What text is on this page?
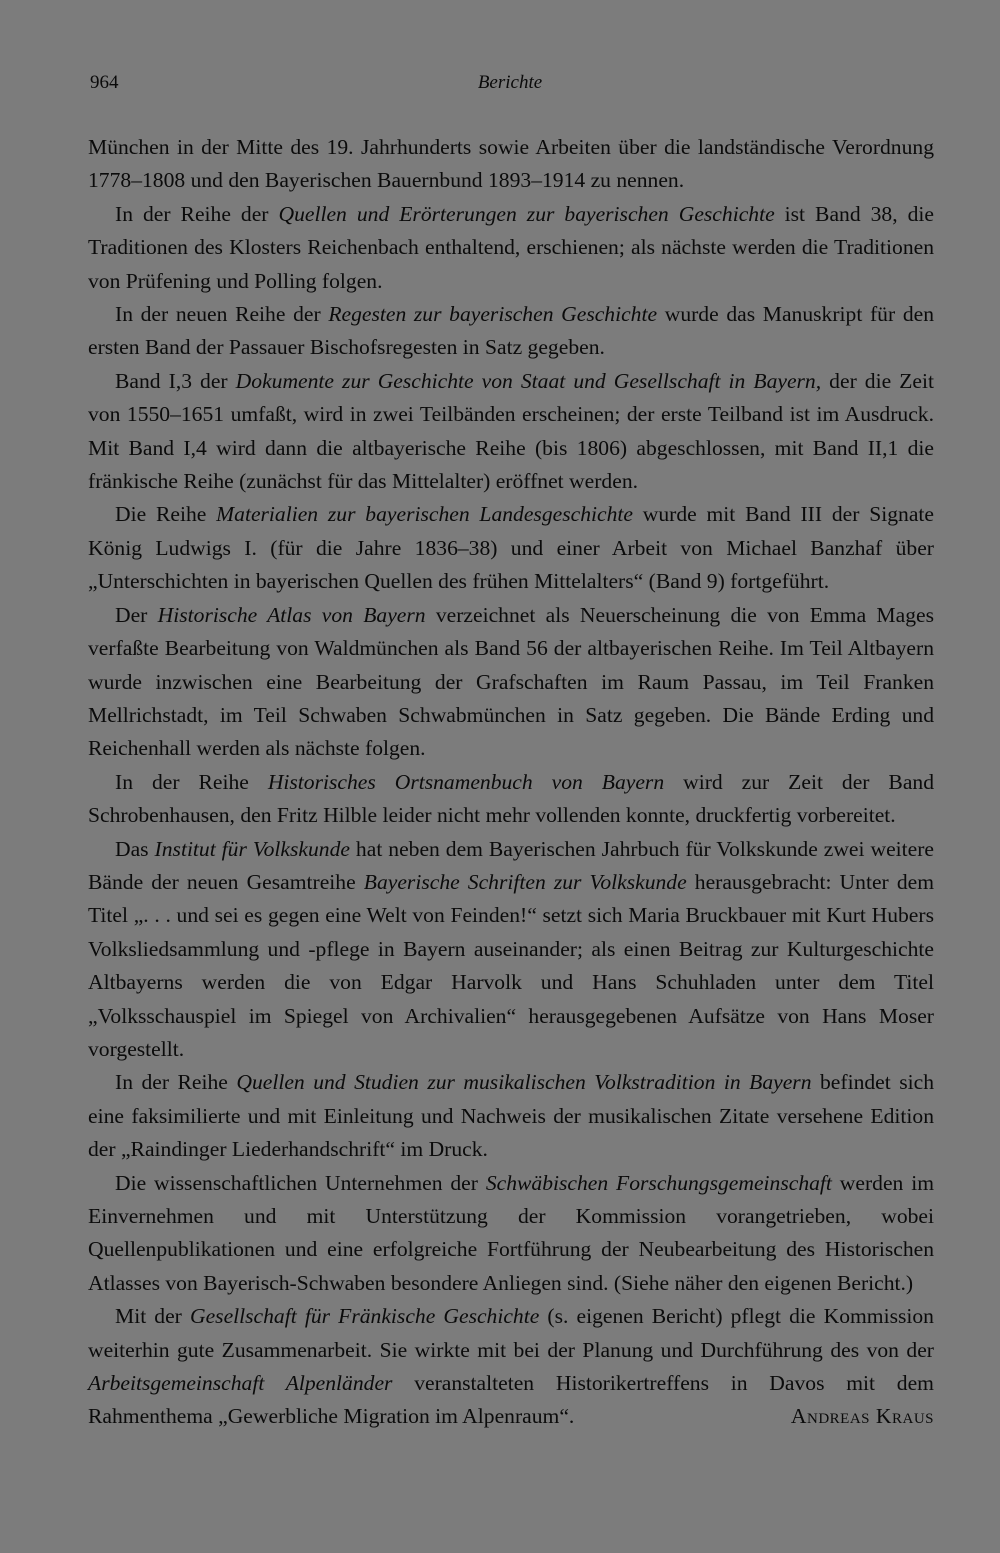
964	Berichte

München in der Mitte des 19. Jahrhunderts sowie Arbeiten über die landständische Verordnung 1778–1808 und den Bayerischen Bauernbund 1893–1914 zu nennen.

In der Reihe der Quellen und Erörterungen zur bayerischen Geschichte ist Band 38, die Traditionen des Klosters Reichenbach enthaltend, erschienen; als nächste werden die Traditionen von Prüfening und Polling folgen.

In der neuen Reihe der Regesten zur bayerischen Geschichte wurde das Manuskript für den ersten Band der Passauer Bischofsregesten in Satz gegeben.

Band I,3 der Dokumente zur Geschichte von Staat und Gesellschaft in Bayern, der die Zeit von 1550–1651 umfaßt, wird in zwei Teilbänden erscheinen; der erste Teilband ist im Ausdruck. Mit Band I,4 wird dann die altbayerische Reihe (bis 1806) abgeschlossen, mit Band II,1 die fränkische Reihe (zunächst für das Mittelalter) eröffnet werden.

Die Reihe Materialien zur bayerischen Landesgeschichte wurde mit Band III der Signate König Ludwigs I. (für die Jahre 1836–38) und einer Arbeit von Michael Banzhaf über „Unterschichten in bayerischen Quellen des frühen Mittelalters“ (Band 9) fortgeführt.

Der Historische Atlas von Bayern verzeichnet als Neuerscheinung die von Emma Mages verfaßte Bearbeitung von Waldmünchen als Band 56 der altbayerischen Reihe. Im Teil Altbayern wurde inzwischen eine Bearbeitung der Grafschaften im Raum Passau, im Teil Franken Mellrichstadt, im Teil Schwaben Schwabmünchen in Satz gegeben. Die Bände Erding und Reichenhall werden als nächste folgen.

In der Reihe Historisches Ortsnamenbuch von Bayern wird zur Zeit der Band Schrobenhausen, den Fritz Hilble leider nicht mehr vollenden konnte, druckfertig vorbereitet.

Das Institut für Volkskunde hat neben dem Bayerischen Jahrbuch für Volkskunde zwei weitere Bände der neuen Gesamtreihe Bayerische Schriften zur Volkskunde herausgebracht: Unter dem Titel „. . . und sei es gegen eine Welt von Feinden!“ setzt sich Maria Bruckbauer mit Kurt Hubers Volksliedsammlung und -pflege in Bayern auseinander; als einen Beitrag zur Kulturgeschichte Altbayerns werden die von Edgar Harvolk und Hans Schuhladen unter dem Titel „Volksschauspiel im Spiegel von Archivalien“ herausgegebenen Aufsätze von Hans Moser vorgestellt.

In der Reihe Quellen und Studien zur musikalischen Volkstradition in Bayern befindet sich eine faksimilierte und mit Einleitung und Nachweis der musikalischen Zitate versehene Edition der „Raindinger Liederhandschrift“ im Druck.

Die wissenschaftlichen Unternehmen der Schwäbischen Forschungsgemeinschaft werden im Einvernehmen und mit Unterstützung der Kommission vorangetrieben, wobei Quellenpublikationen und eine erfolgreiche Fortführung der Neubearbeitung des Historischen Atlasses von Bayerisch-Schwaben besondere Anliegen sind. (Siehe näher den eigenen Bericht.)

Mit der Gesellschaft für Fränkische Geschichte (s. eigenen Bericht) pflegt die Kommission weiterhin gute Zusammenarbeit. Sie wirkte mit bei der Planung und Durchführung des von der Arbeitsgemeinschaft Alpenländer veranstalteten Historikertreffens in Davos mit dem Rahmenthema „Gewerbliche Migration im Alpenraum“.	Andreas Kraus
